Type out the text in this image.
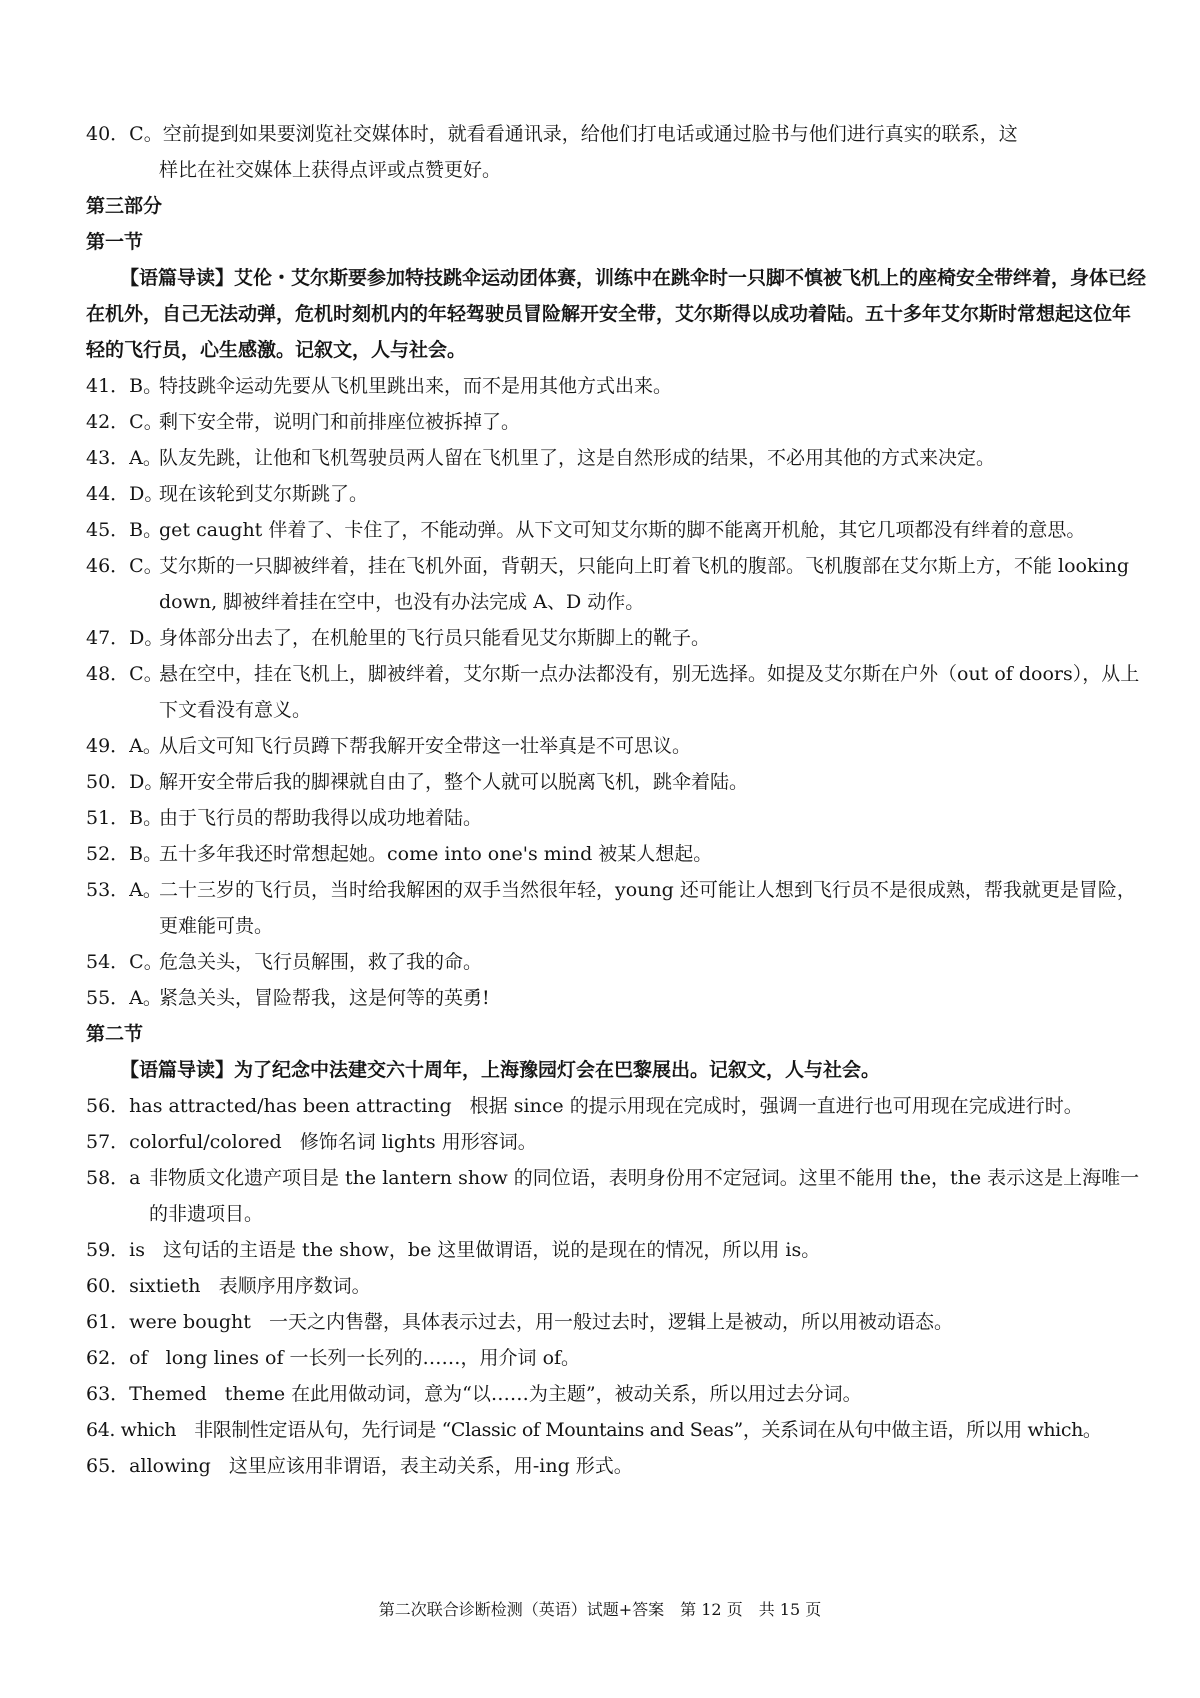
40．C。空前提到如果要浏览社交媒体时，就看看通讯录，给他们打电话或通过脸书与他们进行真实的联系，这
样比在社交媒体上获得点评或点赞更好。
第三部分
第一节
【语篇导读】艾伦・艾尔斯要参加特技跳伞运动团体赛，训练中在跳伞时一只脚不慎被飞机上的座椅安全带绊着，身体已经在机外，自己无法动弹，危机时刻机内的年轻驾驶员冒险解开安全带，艾尔斯得以成功着陆。五十多年艾尔斯时常想起这位年轻的飞行员，心生感激。记叙文，人与社会。
41．B。
特技跳伞运动先要从飞机里跳出来，而不是用其他方式出来。
42．C。
剩下安全带，说明门和前排座位被拆掉了。
43．A。
队友先跳，让他和飞机驾驶员两人留在飞机里了，这是自然形成的结果，不必用其他的方式来决定。
44．D。
现在该轮到艾尔斯跳了。
45．B。
get caught 伴着了、卡住了，不能动弹。从下文可知艾尔斯的脚不能离开机舱，其它几项都没有绊着的意思。
46．C。
艾尔斯的一只脚被绊着，挂在飞机外面，背朝天，只能向上盯着飞机的腹部。飞机腹部在艾尔斯上方，不能 looking down, 脚被绊着挂在空中，也没有办法完成 A、D 动作。
47．D。
身体部分出去了，在机舱里的飞行员只能看见艾尔斯脚上的靴子。
48．C。
悬在空中，挂在飞机上，脚被绊着，艾尔斯一点办法都没有，别无选择。如提及艾尔斯在户外（out of doors），从上下文看没有意义。
49．A。
从后文可知飞行员蹲下帮我解开安全带这一壮举真是不可思议。
50．D。
解开安全带后我的脚裸就自由了，整个人就可以脱离飞机，跳伞着陆。
51．B。
由于飞行员的帮助我得以成功地着陆。
52．B。
五十多年我还时常想起她。come into one's mind 被某人想起。
53．A。
二十三岁的飞行员，当时给我解困的双手当然很年轻，young 还可能让人想到飞行员不是很成熟，帮我就更是冒险，更难能可贵。
54．C。
危急关头，飞行员解围，救了我的命。
55．A。
紧急关头，冒险帮我，这是何等的英勇!
第二节
【语篇导读】为了纪念中法建交六十周年，上海豫园灯会在巴黎展出。记叙文，人与社会。
56．has attracted/has been attracting 根据 since 的提示用现在完成时，强调一直进行也可用现在完成进行时。
57．colorful/colored 修饰名词 lights 用形容词。
58．a 非物质文化遗产项目是 the lantern show 的同位语，表明身份用不定冠词。这里不能用 the，the 表示这是上海唯一的非遗项目。
59．is 这句话的主语是 the show，be 这里做谓语，说的是现在的情况，所以用 is。
60．sixtieth 表顺序用序数词。
61．were bought 一天之内售罄，具体表示过去，用一般过去时，逻辑上是被动，所以用被动语态。
62．of long lines of 一长列一长列的……，用介词 of。
63．Themed theme 在此用做动词，意为“以……为主题”，被动关系，所以用过去分词。
64. which 非限制性定语从句，先行词是 “Classic of Mountains and Seas”，关系词在从句中做主语，所以用 which。
65．allowing 这里应该用非谓语，表主动关系，用-ing 形式。
第二次联合诊断检测（英语）试题+答案　第 12 页　共 15 页
